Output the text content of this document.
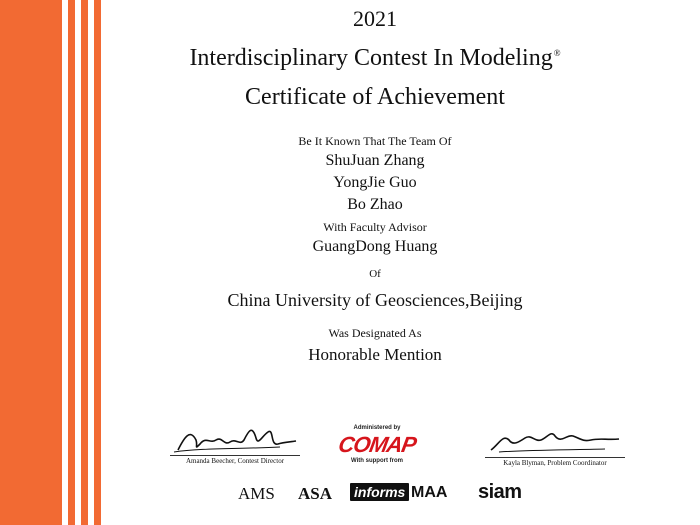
2021
Interdisciplinary Contest In Modeling®
Certificate of Achievement
Be It Known That The Team Of
ShuJuan Zhang
YongJie Guo
Bo Zhao
With Faculty Advisor
GuangDong Huang
Of
China University of Geosciences,Beijing
Was Designated As
Honorable Mention
Amanda Beecher, Contest Director	Kayla Blyman, Problem Coordinator
Administered by
COMAP
With support from
AMS ASA informs MAA siam
